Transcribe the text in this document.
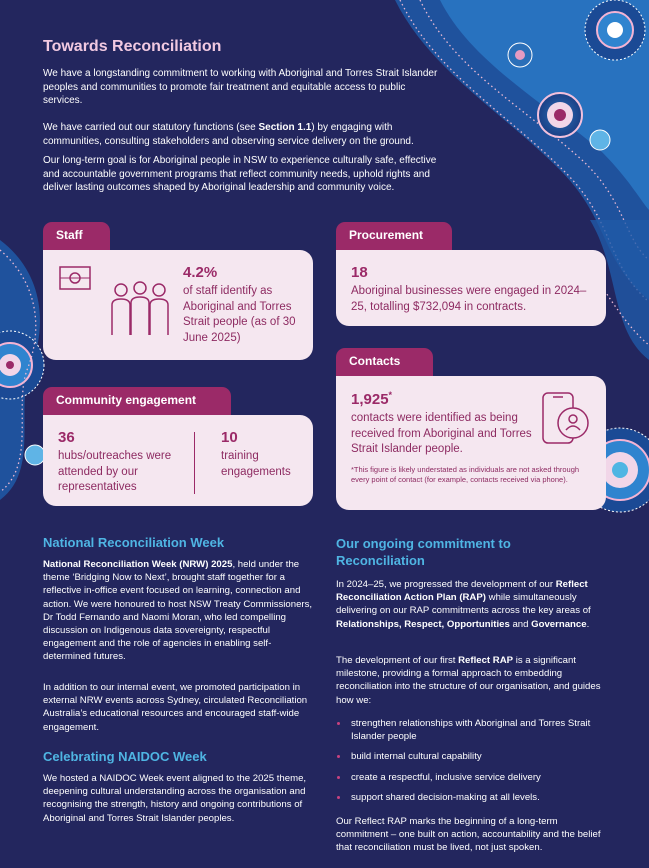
Towards Reconciliation

We have a longstanding commitment to working with Aboriginal and Torres Strait Islander peoples and communities to promote fair treatment and equitable access to public services.

We have carried out our statutory functions (see Section 1.1) by engaging with communities, consulting stakeholders and observing service delivery on the ground.

Our long-term goal is for Aboriginal people in NSW to experience culturally safe, effective and accountable government programs that reflect community needs, uphold rights and deliver lasting outcomes shaped by Aboriginal leadership and community voice.

Staff
4.2%
of staff identify as Aboriginal and Torres Strait people (as of 30 June 2025)
Procurement
18
Aboriginal businesses were engaged in 2024–25, totalling $732,094 in contracts.
Contacts
1,925*
contacts were identified as being received from Aboriginal and Torres Strait Islander people.
*This figure is likely understated as individuals are not asked through every point of contact (for example, contacts received via phone).
Community engagement
36
hubs/outreaches were attended by our representatives
10
training engagements
National Reconciliation Week

National Reconciliation Week (NRW) 2025, held under the theme ‘Bridging Now to Next’, brought staff together for a reflective in-office event focused on learning, connection and action. We were honoured to host NSW Treaty Commissioners, Dr Todd Fernando and Naomi Moran, who led compelling discussion on Indigenous data sovereignty, respectful engagement and the role of agencies in enabling self-determined futures.

In addition to our internal event, we promoted participation in external NRW events across Sydney, circulated Reconciliation Australia’s educational resources and encouraged staff-wide engagement.

Celebrating NAIDOC Week

We hosted a NAIDOC Week event aligned to the 2025 theme, deepening cultural understanding across the organisation and recognising the strength, history and ongoing contributions of Aboriginal and Torres Strait Islander peoples.

Our ongoing commitment to Reconciliation

In 2024–25, we progressed the development of our Reflect Reconciliation Action Plan (RAP) while simultaneously delivering on our RAP commitments across the key areas of Relationships, Respect, Opportunities and Governance.

The development of our first Reflect RAP is a significant milestone, providing a formal approach to embedding reconciliation into the structure of our organisation, and guides how we:

strengthen relationships with Aboriginal and Torres Strait Islander people
build internal cultural capability
create a respectful, inclusive service delivery
support shared decision-making at all levels.

Our Reflect RAP marks the beginning of a long-term commitment – one built on action, accountability and the belief that reconciliation must be lived, not just spoken.
